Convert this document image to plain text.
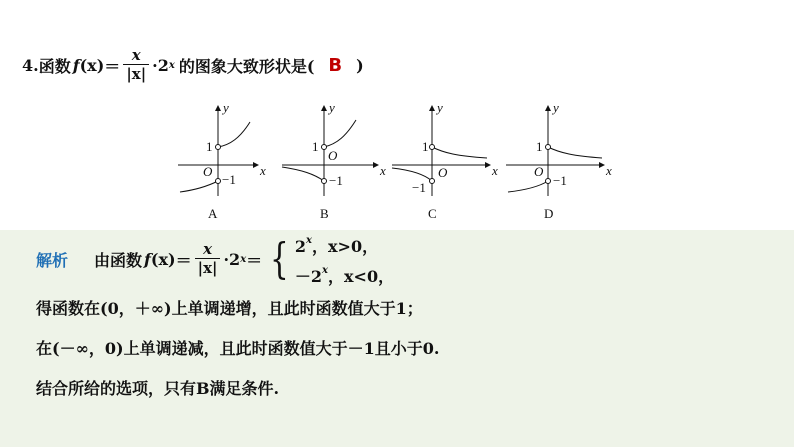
4. 函数 f $(x) = \frac{x}{|x|} \cdot 2$ x 的图象大致形状是( B )
1
O
−1
x
y
A
1
O
−1
x
y
B
1
O
−1
x
y
C
1
O
−1
x
y
D
解析 由函数 f $(x) = \frac{x}{|x|} \cdot 2$ x ＝ { 2$^x$，x>0，
$-2^x$，x<0，
得函数在(0，＋∞)上单调递增，且此时函数值大于1；
在(－∞，0)上单调递减，且此时函数值大于－1且小于0.
结合所给的选项，只有B满足条件.
